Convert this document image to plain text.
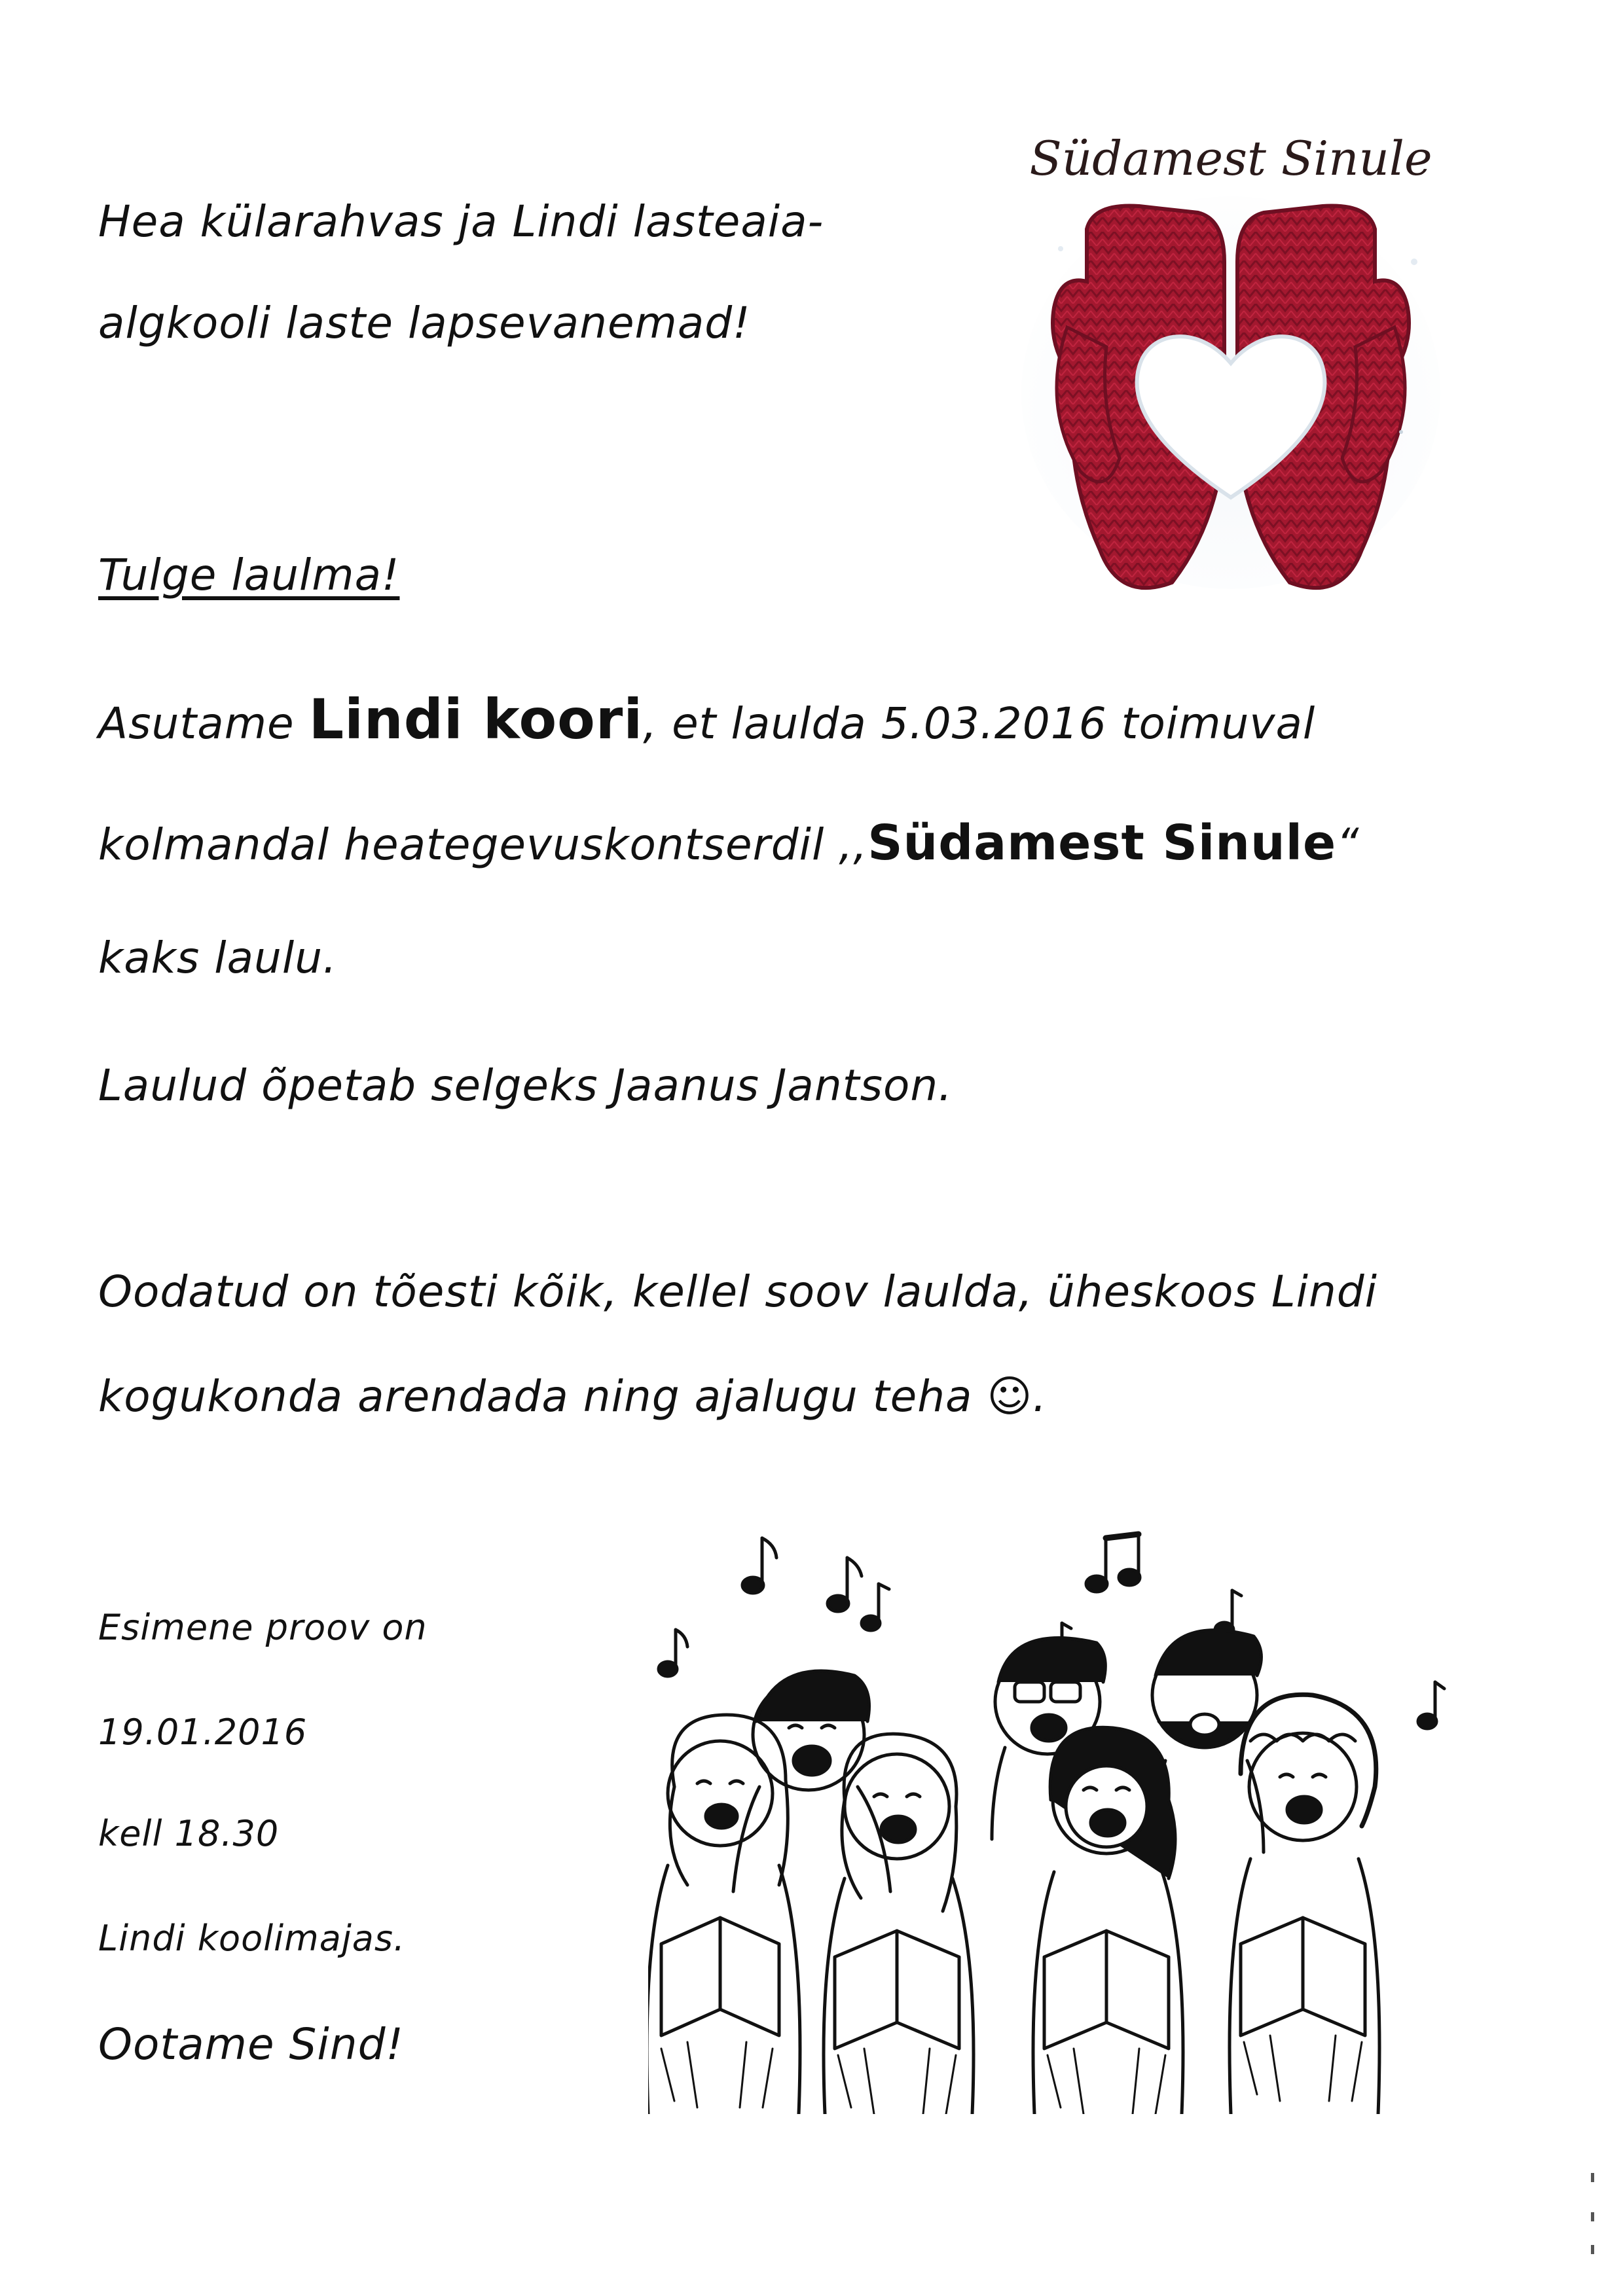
Hea külarahvas ja Lindi lasteaia-
algkooli laste lapsevanemad!
Südamest Sinule
Tulge laulma!
Asutame Lindi koori, et laulda 5.03.2016 toimuval
kolmandal heategevuskontserdil ,,Südamest Sinule“
kaks laulu.
Laulud õpetab selgeks Jaanus Jantson.
Oodatud on tõesti kõik, kellel soov laulda, üheskoos Lindi
kogukonda arendada ning ajalugu teha ☺.
Esimene proov on
19.01.2016
kell 18.30
Lindi koolimajas.
Ootame Sind!
